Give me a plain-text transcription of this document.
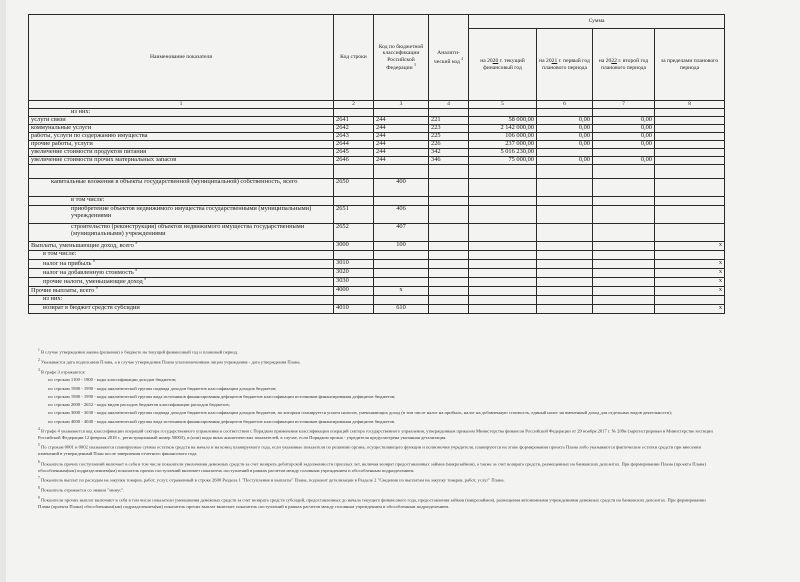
Наименование показателя	Код строки	Код по бюджетной классификации Российской Федерации $^3$	Аналити-ческий код $^4$	Сумма			
				на 2020 г. текущий финансовый год	на 2021 г. первый год планового периода	на 2022 г. второй год планового периода	за пределами планового периода
1	2	3	4	5	6	7	8
из них:							
услуги связи	2641	244	221	58 000,00	0,00	0,00	
коммунальные услуги	2642	244	223	2 142 000,00	0,00	0,00	
работы, услуги по содержанию имущества	2643	244	225	106 000,00	0,00	0,00	
прочие работы, услуги	2644	244	226	237 000,00	0,00	0,00	
увеличение стоимости продуктов питания	2645	244	342	5 016 230,00			
увеличение стоимости прочих материальных запасов	2646	244	346	75 000,00	0,00	0,00	

капитальные вложения в объекты государственной (муниципальной) собственность, всего	2650	400					
в том числе:							
приобретение объектов недвижимого имущества государственными (муниципальными) учреждениями	2651	406					
строительство (реконструкция) объектов недвижимого имущества государственными (муниципальными) учреждениями	2652	407					
Выплаты, уменьшающие доход, всего $^8$	3000	100					х
в том числе:							
налог на прибыль $^8$	3010						х
налог на добавленную стоимость $^8$	3020						х
прочие налоги, уменьшающие доход $^8$	3030						х
Прочие выплаты, всего $^9$	4000	х					х
из них:							
возврат в бюджет средств субсидии	4010	610					х

$^1$ В случае утверждения закона (решения) о бюджете на текущий финансовый год и плановый период.

$^2$ Указывается дата подписания Плана, а в случае утверждения Плана уполномоченным лицом учреждения - дата утверждения Плана.

$^3$ В графе 3 отражаются:

по строкам 1100 - 1900 - коды классификации доходов бюджетов;

по строкам 1980 - 1990 - коды аналитической группы подвида доходов бюджетов классификации доходов бюджетов;

по строкам 1980 - 1990 - коды аналитической группы вида источников финансирования дефицитов бюджетов классификации источников финансирования дефицитов бюджетов;

по строкам 2000 - 2652 - коды видов расходов бюджетов классификации расходов бюджетов;

по строкам 3000 - 3030 - коды аналитической группы подвида доходов бюджетов классификации доходов бюджетов, по которым планируется уплата налогов, уменьшающих доход (в том числе налог на прибыль, налог на добавленную стоимость, единый налог на вмененный доход для отдельных видов деятельности);

по строкам 4000 - 4040 - коды аналитической группы вида источников финансирования дефицитов бюджетов классификации источников финансирования дефицитов бюджетов.

$^4$ В графе 4 указывается код классификации операций сектора государственного управления в соответствии с Порядком применения классификации операций сектора государственного управления, утвержденным приказом Министерства финансов Российской Федерации от 29 ноября 2017 г. № 209н (зарегистрирован в Министерстве юстиции Российской Федерации 12 февраля 2018 г., регистрационный номер 50003), и (или) коды иных аналитических показателей, в случае, если Порядком органа - учредителя предусмотрена указанная детализация.

$^5$ По строкам 0001 и 0002 указываются планируемые суммы остатков средств на начало и на конец планируемого года, если указанные показатели по решению органа, осуществляющего функции и полномочия учредителя, планируются на этапе формирования проекта Плана либо указываются фактические остатки средств при внесении изменений в утвержденный План после завершения отчетного финансового года.

$^6$ Показатель прочих поступлений включает в себя в том числе показатели увеличения денежных средств за счет возврата дебиторской задолженности прошлых лет, включая возврат предоставленных займов (микрозаймов), а также за счет возврата средств, размещенных на банковских депозитах. При формировании Плана (проекта Плана) обособленным(ым) подразделением(ям) показатель прочих поступлений включает показатель поступлений в рамках расчетов между головным учреждением и обособленным подразделением.

$^7$ Показатель выплат по расходам на закупки товаров, работ, услуг, отраженный в строке 2600 Раздела 1 "Поступления и выплаты" Плана, подлежит детализации в Разделе 2 "Сведения по выплатам на закупку товаров, работ, услуг" Плана.

$^8$ Показатель отражается со знаком "минус".

$^9$ Показатели прочих выплат включают в себя в том числе показатели уменьшения денежных средств за счет возврата средств субсидий, предоставленных до начала текущего финансового года, предоставления займов (микрозаймов), размещения автономными учреждениями денежных средств на банковских депозитах. При формировании Плана (проекта Плана) обособленным(ым) подразделением(ям) показатель прочих выплат включает показатель поступлений в рамках расчетов между головным учреждением и обособленным подразделением.
